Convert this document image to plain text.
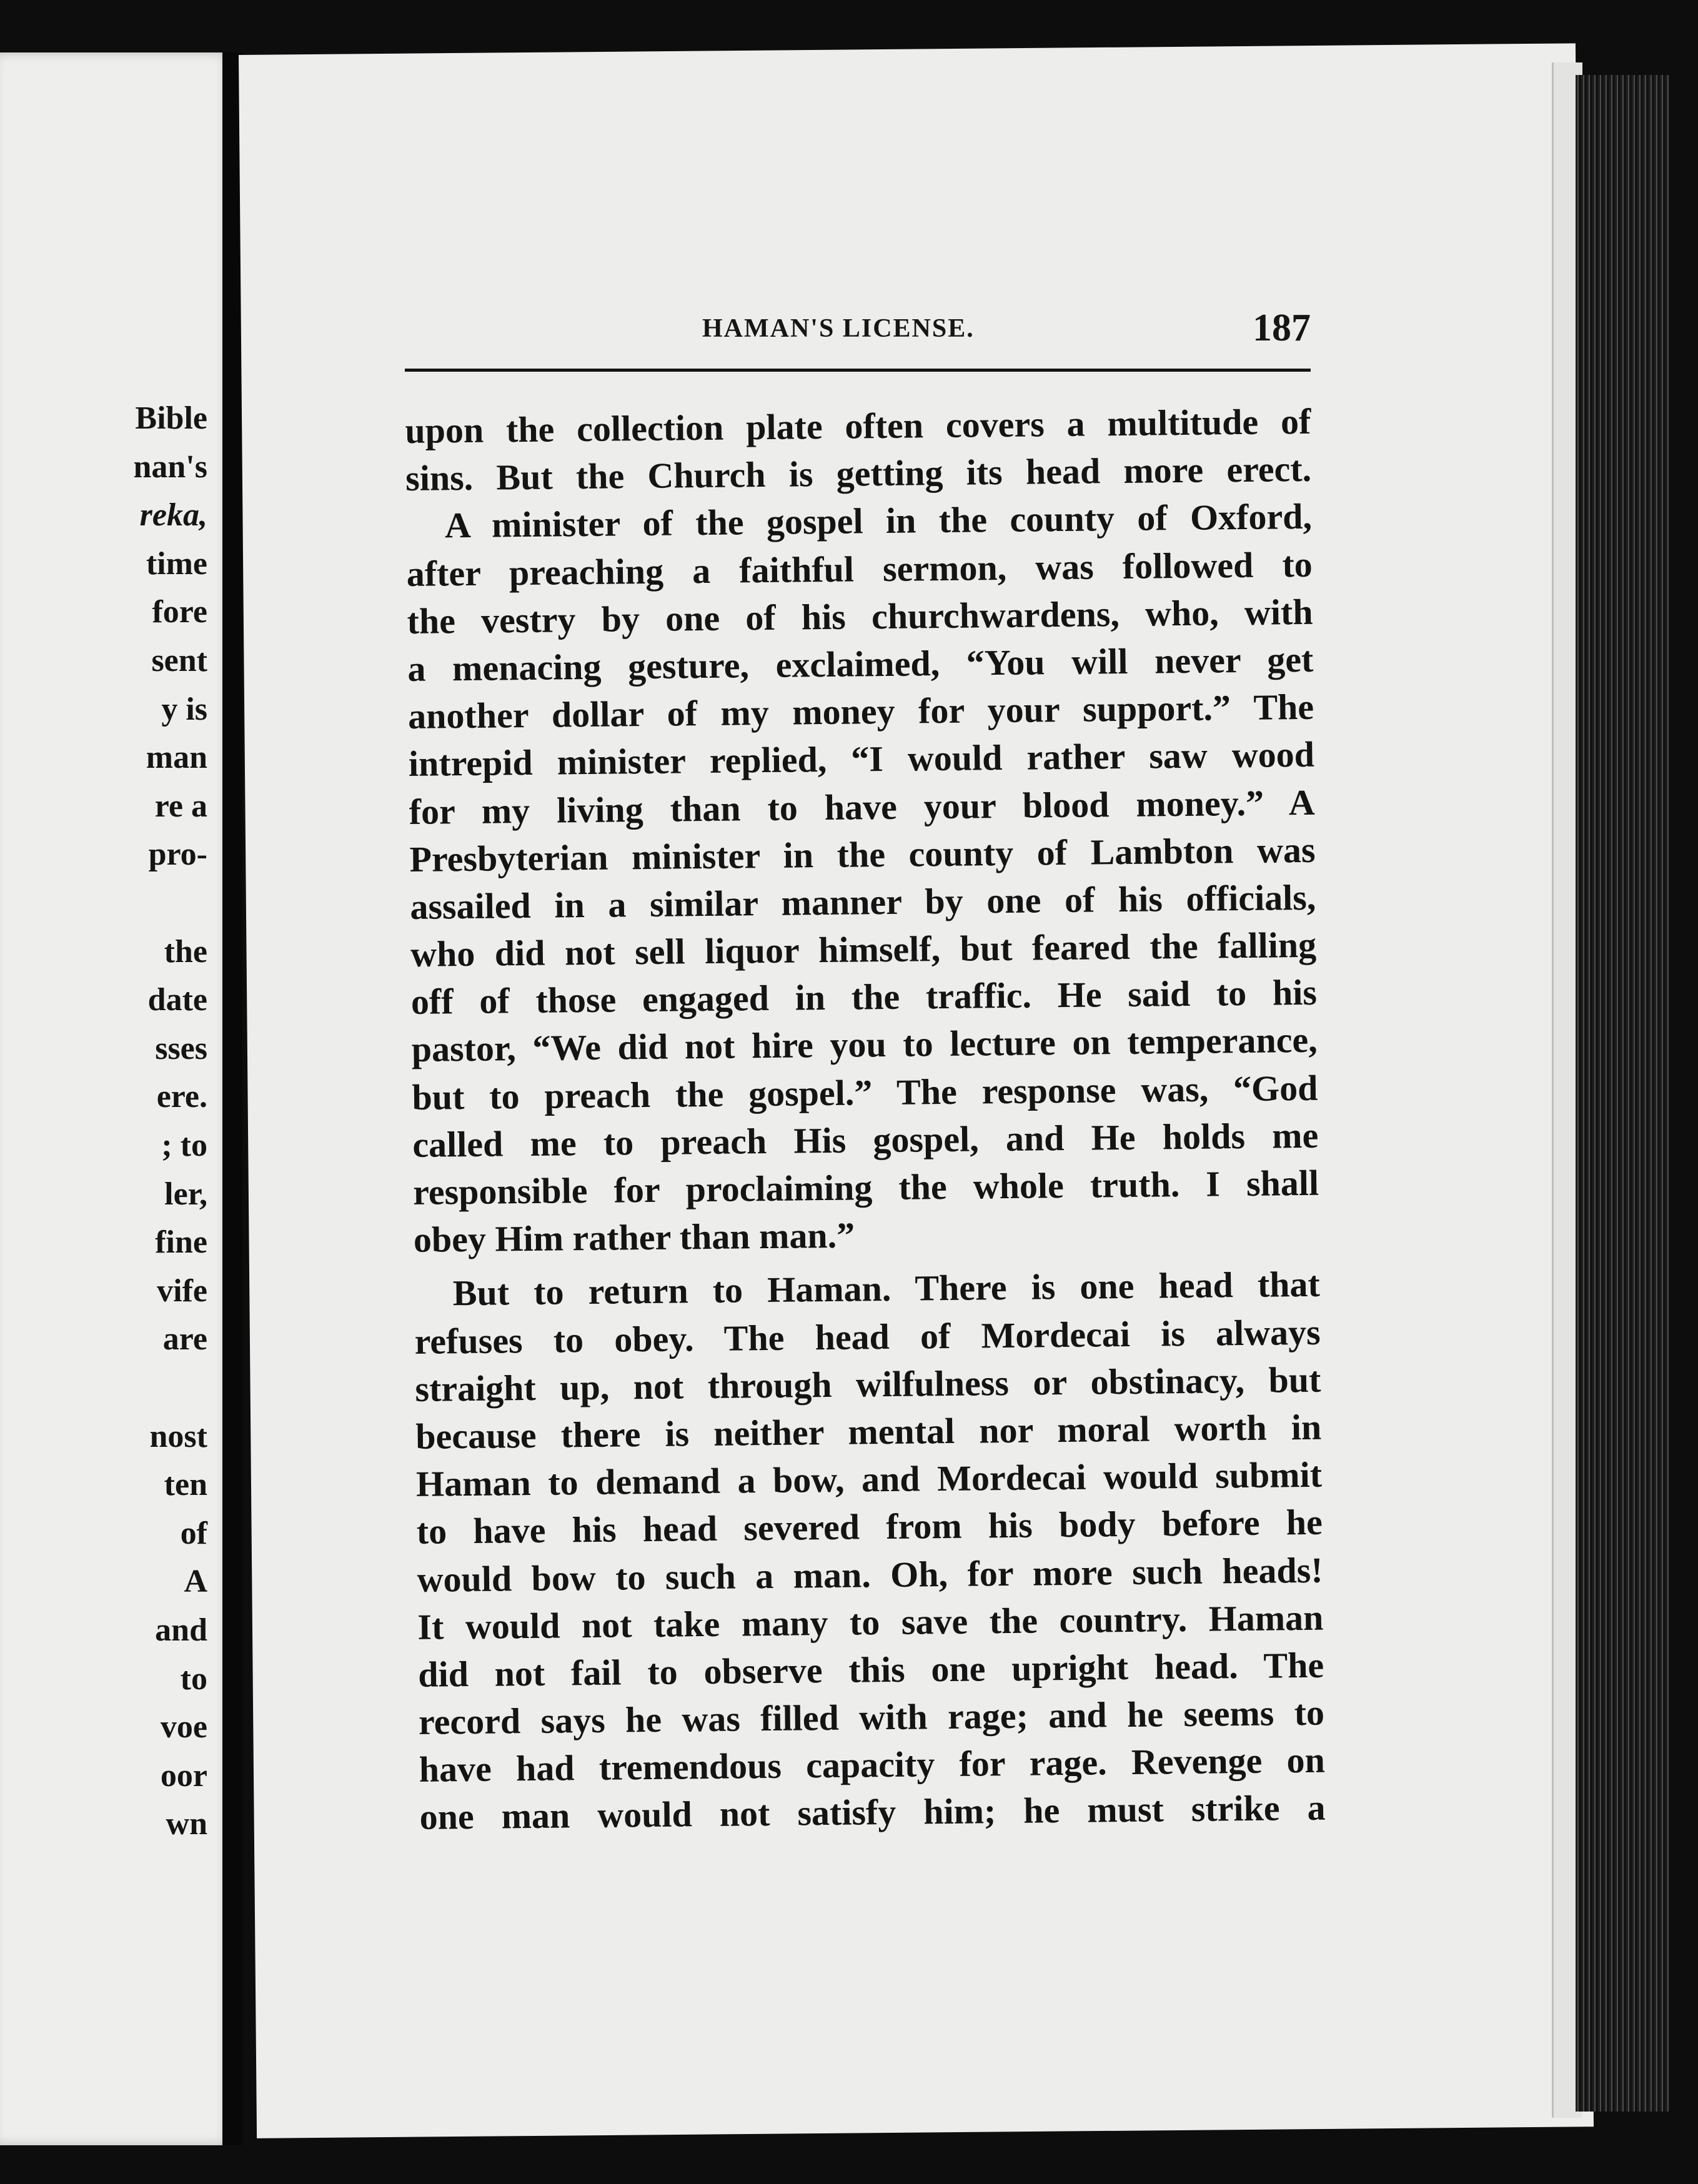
Bible

nan's

reka,

time

fore

sent

y is

man

re a

pro-

the

date

sses

ere.

; to

ler,

fine

vife

are

nost

ten

of

A

and

to

voe

oor

wn

HAMAN'S LICENSE.	187
upon the collection plate often covers a multitude of
sins. But the Church is getting its head more erect.
A minister of the gospel in the county of Oxford,
after preaching a faithful sermon, was followed to
the vestry by one of his churchwardens, who, with
a menacing gesture, exclaimed, “You will never get
another dollar of my money for your support.” The
intrepid minister replied, “I would rather saw wood
for my living than to have your blood money.” A
Presbyterian minister in the county of Lambton was
assailed in a similar manner by one of his officials,
who did not sell liquor himself, but feared the falling
off of those engaged in the traffic. He said to his
pastor, “We did not hire you to lecture on temperance,
but to preach the gospel.” The response was, “God
called me to preach His gospel, and He holds me
responsible for proclaiming the whole truth. I shall
obey Him rather than man.”
But to return to Haman. There is one head that
refuses to obey. The head of Mordecai is always
straight up, not through wilfulness or obstinacy, but
because there is neither mental nor moral worth in
Haman to demand a bow, and Mordecai would submit
to have his head severed from his body before he
would bow to such a man. Oh, for more such heads!
It would not take many to save the country. Haman
did not fail to observe this one upright head. The
record says he was filled with rage; and he seems to
have had tremendous capacity for rage. Revenge on
one man would not satisfy him; he must strike a
